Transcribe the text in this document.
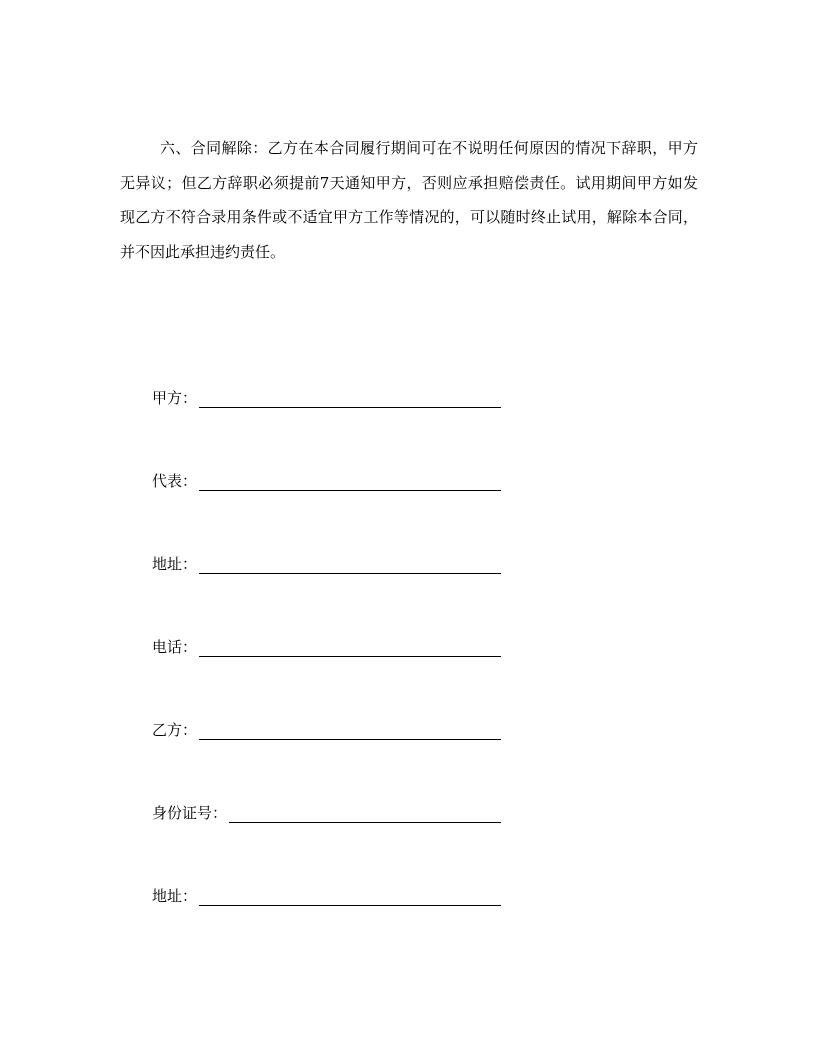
六、合同解除：乙方在本合同履行期间可在不说明任何原因的情况下辞职，甲方无异议；但乙方辞职必须提前7天通知甲方，否则应承担赔偿责任。试用期间甲方如发现乙方不符合录用条件或不适宜甲方工作等情况的，可以随时终止试用，解除本合同，并不因此承担违约责任。

甲方：
代表：
地址：
电话：
乙方：
身份证号：
地址：
